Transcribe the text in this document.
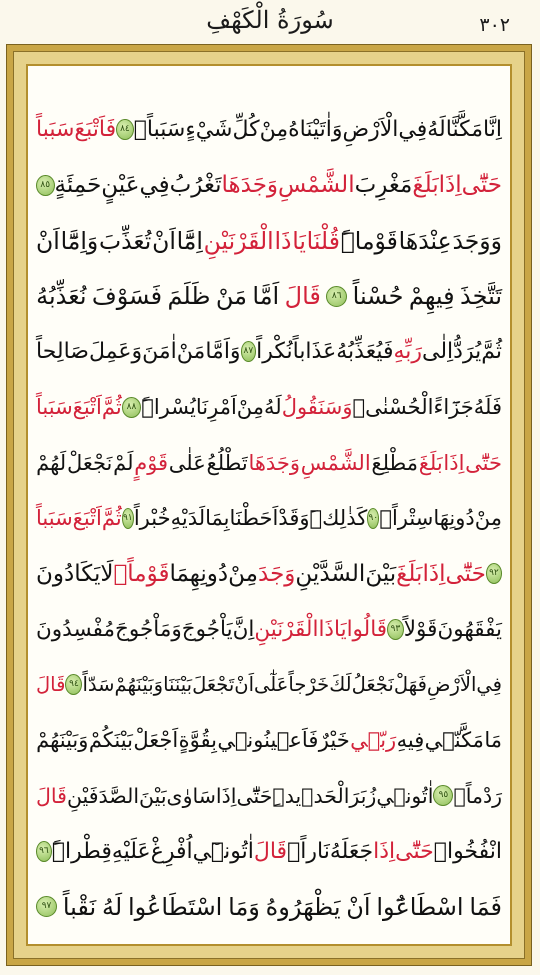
سُورَةُ الْكَهْفِ	٣٠٢
اِنَّا
مَكَّنَّا
لَهُ
فِي
الْاَرْضِ
وَاٰتَيْنَاهُ
مِنْ
كُلِّ
شَيْءٍ
سَبَباًۙ
٨٤
فَاَتْبَعَ
سَبَباً
حَتّٰٓى
اِذَا
بَلَغَ
مَغْرِبَ
الشَّمْسِ
وَجَدَهَا
تَغْرُبُ
فِي
عَيْنٍ
حَمِئَةٍ
٨٥
وَوَجَدَ
عِنْدَهَا
قَوْماًۜ
قُلْنَا
يَا
ذَا
الْقَرْنَيْنِ
اِمَّٓا
اَنْ
تُعَذِّبَ
وَاِمَّٓا
اَنْ
تَتَّخِذَ
فِيهِمْ
حُسْناً
٨٦
قَالَ
اَمَّا
مَنْ
ظَلَمَ
فَسَوْفَ
نُعَذِّبُهُ
ثُمَّ
يُرَدُّ
اِلٰى
رَبِّهِ
فَيُعَذِّبُهُ
عَذَاباً
نُكْراً
٨٧
وَاَمَّا
مَنْ
اٰمَنَ
وَعَمِلَ
صَالِحاً
فَلَهُ
جَزَٓاءً
الْحُسْنٰىۚ
وَسَنَقُولُ
لَهُ
مِنْ
اَمْرِنَا
يُسْراًۜ
٨٨
ثُمَّ
اَتْبَعَ
سَبَباً
حَتّٰٓى
اِذَا
بَلَغَ
مَطْلِعَ
الشَّمْسِ
وَجَدَهَا
تَطْلُعُ
عَلٰى
قَوْمٍ
لَمْ
نَجْعَلْ
لَهُمْ
مِنْ
دُونِهَا
سِتْراًۙ
٩٠
كَذٰلِكَۜ
وَقَدْ
اَحَطْنَا
بِمَا
لَدَيْهِ
خُبْراً
٩١
ثُمَّ
اَتْبَعَ
سَبَباً
٩٢
حَتّٰٓى
اِذَا
بَلَغَ
بَيْنَ
السَّدَّيْنِ
وَجَدَ
مِنْ
دُونِهِمَا
قَوْماًۙ
لَا
يَكَادُونَ
يَفْقَهُونَ
قَوْلاً
٩٣
قَالُوا
يَا
ذَا
الْقَرْنَيْنِ
اِنَّ
يَاْجُوجَ
وَمَاْجُوجَ
مُفْسِدُونَ
فِي
الْاَرْضِ
فَهَلْ
نَجْعَلُ
لَكَ
خَرْجاً
عَلٰٓى
اَنْ
تَجْعَلَ
بَيْنَنَا
وَبَيْنَهُمْ
سَدّاً
٩٤
قَالَ
مَا
مَكَّنّ۪ي
فِيهِ
رَبّ۪ي
خَيْرٌ
فَاَع۪ينُون۪ي
بِقُوَّةٍ
اَجْعَلْ
بَيْنَكُمْ
وَبَيْنَهُمْ
رَدْماًۙ
٩٥
اٰتُون۪ي
زُبَرَ
الْحَد۪يدِۜ
حَتّٰٓى
اِذَا
سَاوٰى
بَيْنَ
الصَّدَفَيْنِ
قَالَ
انْفُخُواۜ
حَتّٰٓى
اِذَا
جَعَلَهُ
نَاراًۙ
قَالَ
اٰتُون۪ٓي
اُفْرِغْ
عَلَيْهِ
قِطْراًۜ
٩٦
فَمَا
اسْطَاعُٓوا
اَنْ
يَظْهَرُوهُ
وَمَا
اسْتَطَاعُوا
لَهُ
نَقْباً
٩٧
